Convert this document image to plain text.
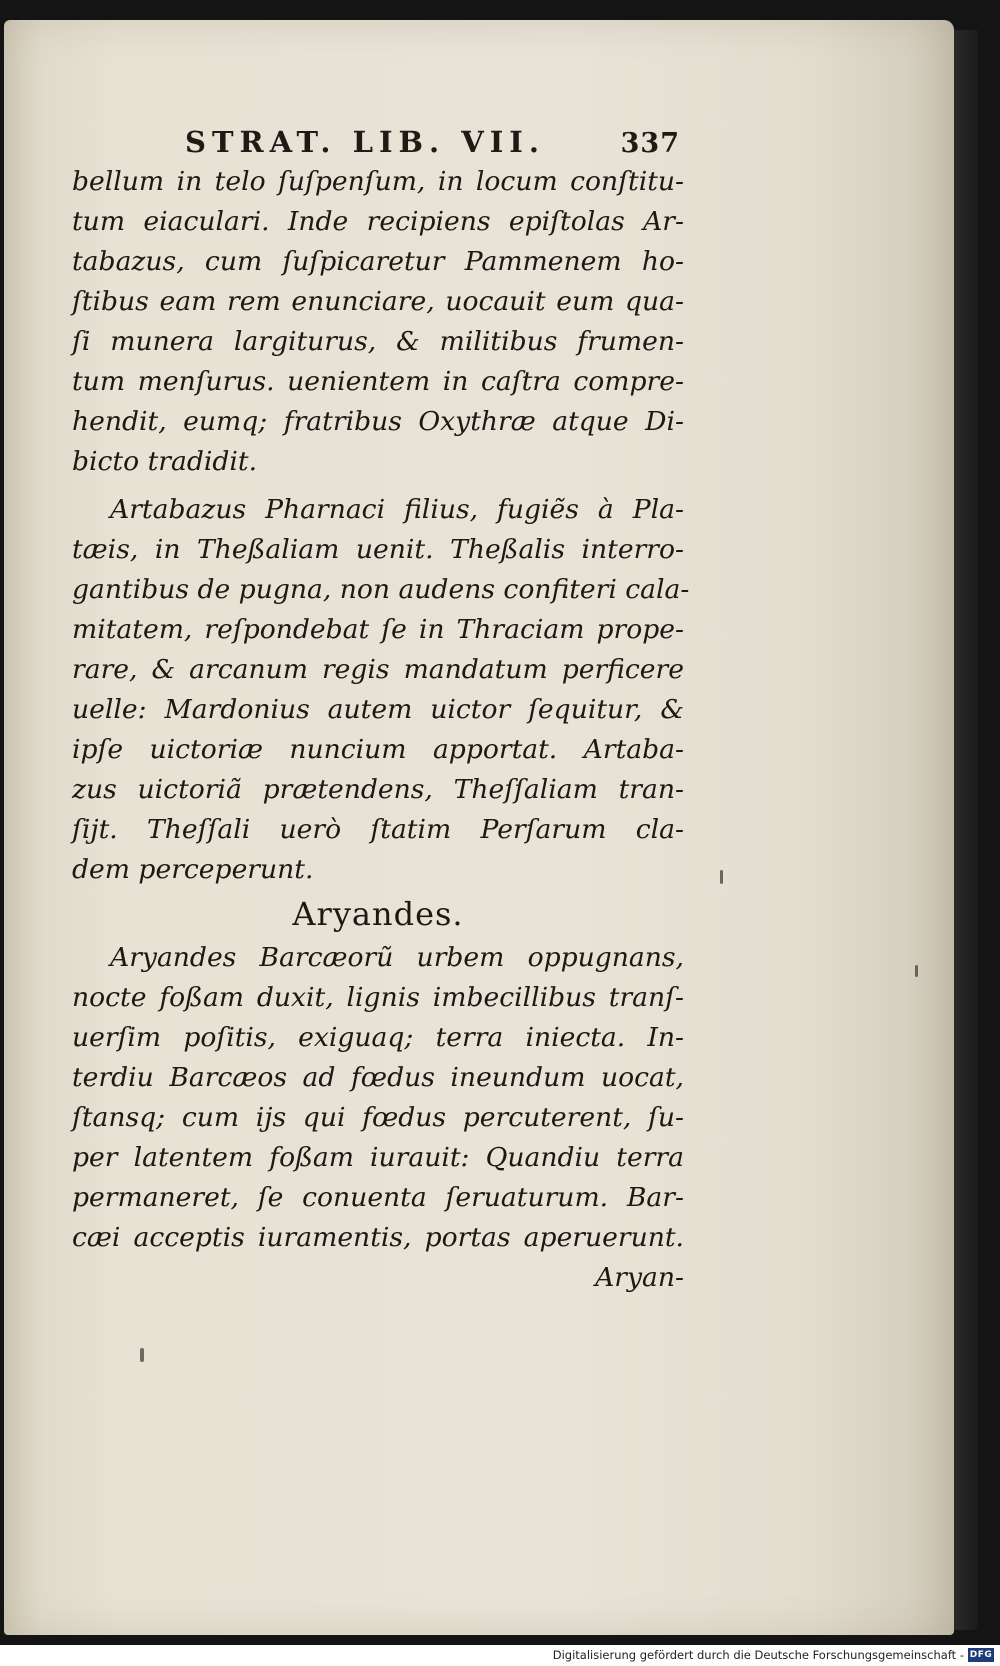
STRAT. LIB. VII.	337
bellum in telo ſuſpenſum, in locum conſtitu-
tum eiaculari. Inde recipiens epiſtolas Ar-
tabazus, cum ſuſpicaretur Pammenem ho-
ſtibus eam rem enunciare, uocauit eum qua-
ſi munera largiturus, & militibus frumen-
tum menſurus. uenientem in caſtra compre-
hendit, eumq; fratribus Oxythræ atque Di-
bicto tradidit.
Artabazus Pharnaci filius, fugiẽs à Pla-
tæis, in Theßaliam uenit. Theßalis interro-
gantibus de pugna, non audens confiteri cala-
mitatem, reſpondebat ſe in Thraciam prope-
rare, & arcanum regis mandatum perficere
uelle: Mardonius autem uictor ſequitur, &
ipſe uictoriæ nuncium apportat. Artaba-
zus uictoriã prætendens, Theſſaliam tran-
ſijt. Theſſali uerò ſtatim Perſarum cla-
dem perceperunt.
Aryandes.
Aryandes Barcæorũ urbem oppugnans,
nocte foßam duxit, lignis imbecillibus tranſ-
uerſim poſitis, exiguaq; terra iniecta. In-
terdiu Barcæos ad fœdus ineundum uocat,
ſtansq; cum ijs qui fœdus percuterent, ſu-
per latentem foßam iurauit: Quandiu terra
permaneret, ſe conuenta ſeruaturum. Bar-
cæi acceptis iuramentis, portas aperuerunt.
Aryan-
Digitalisierung gefördert durch die Deutsche Forschungsgemeinschaft - DFG
